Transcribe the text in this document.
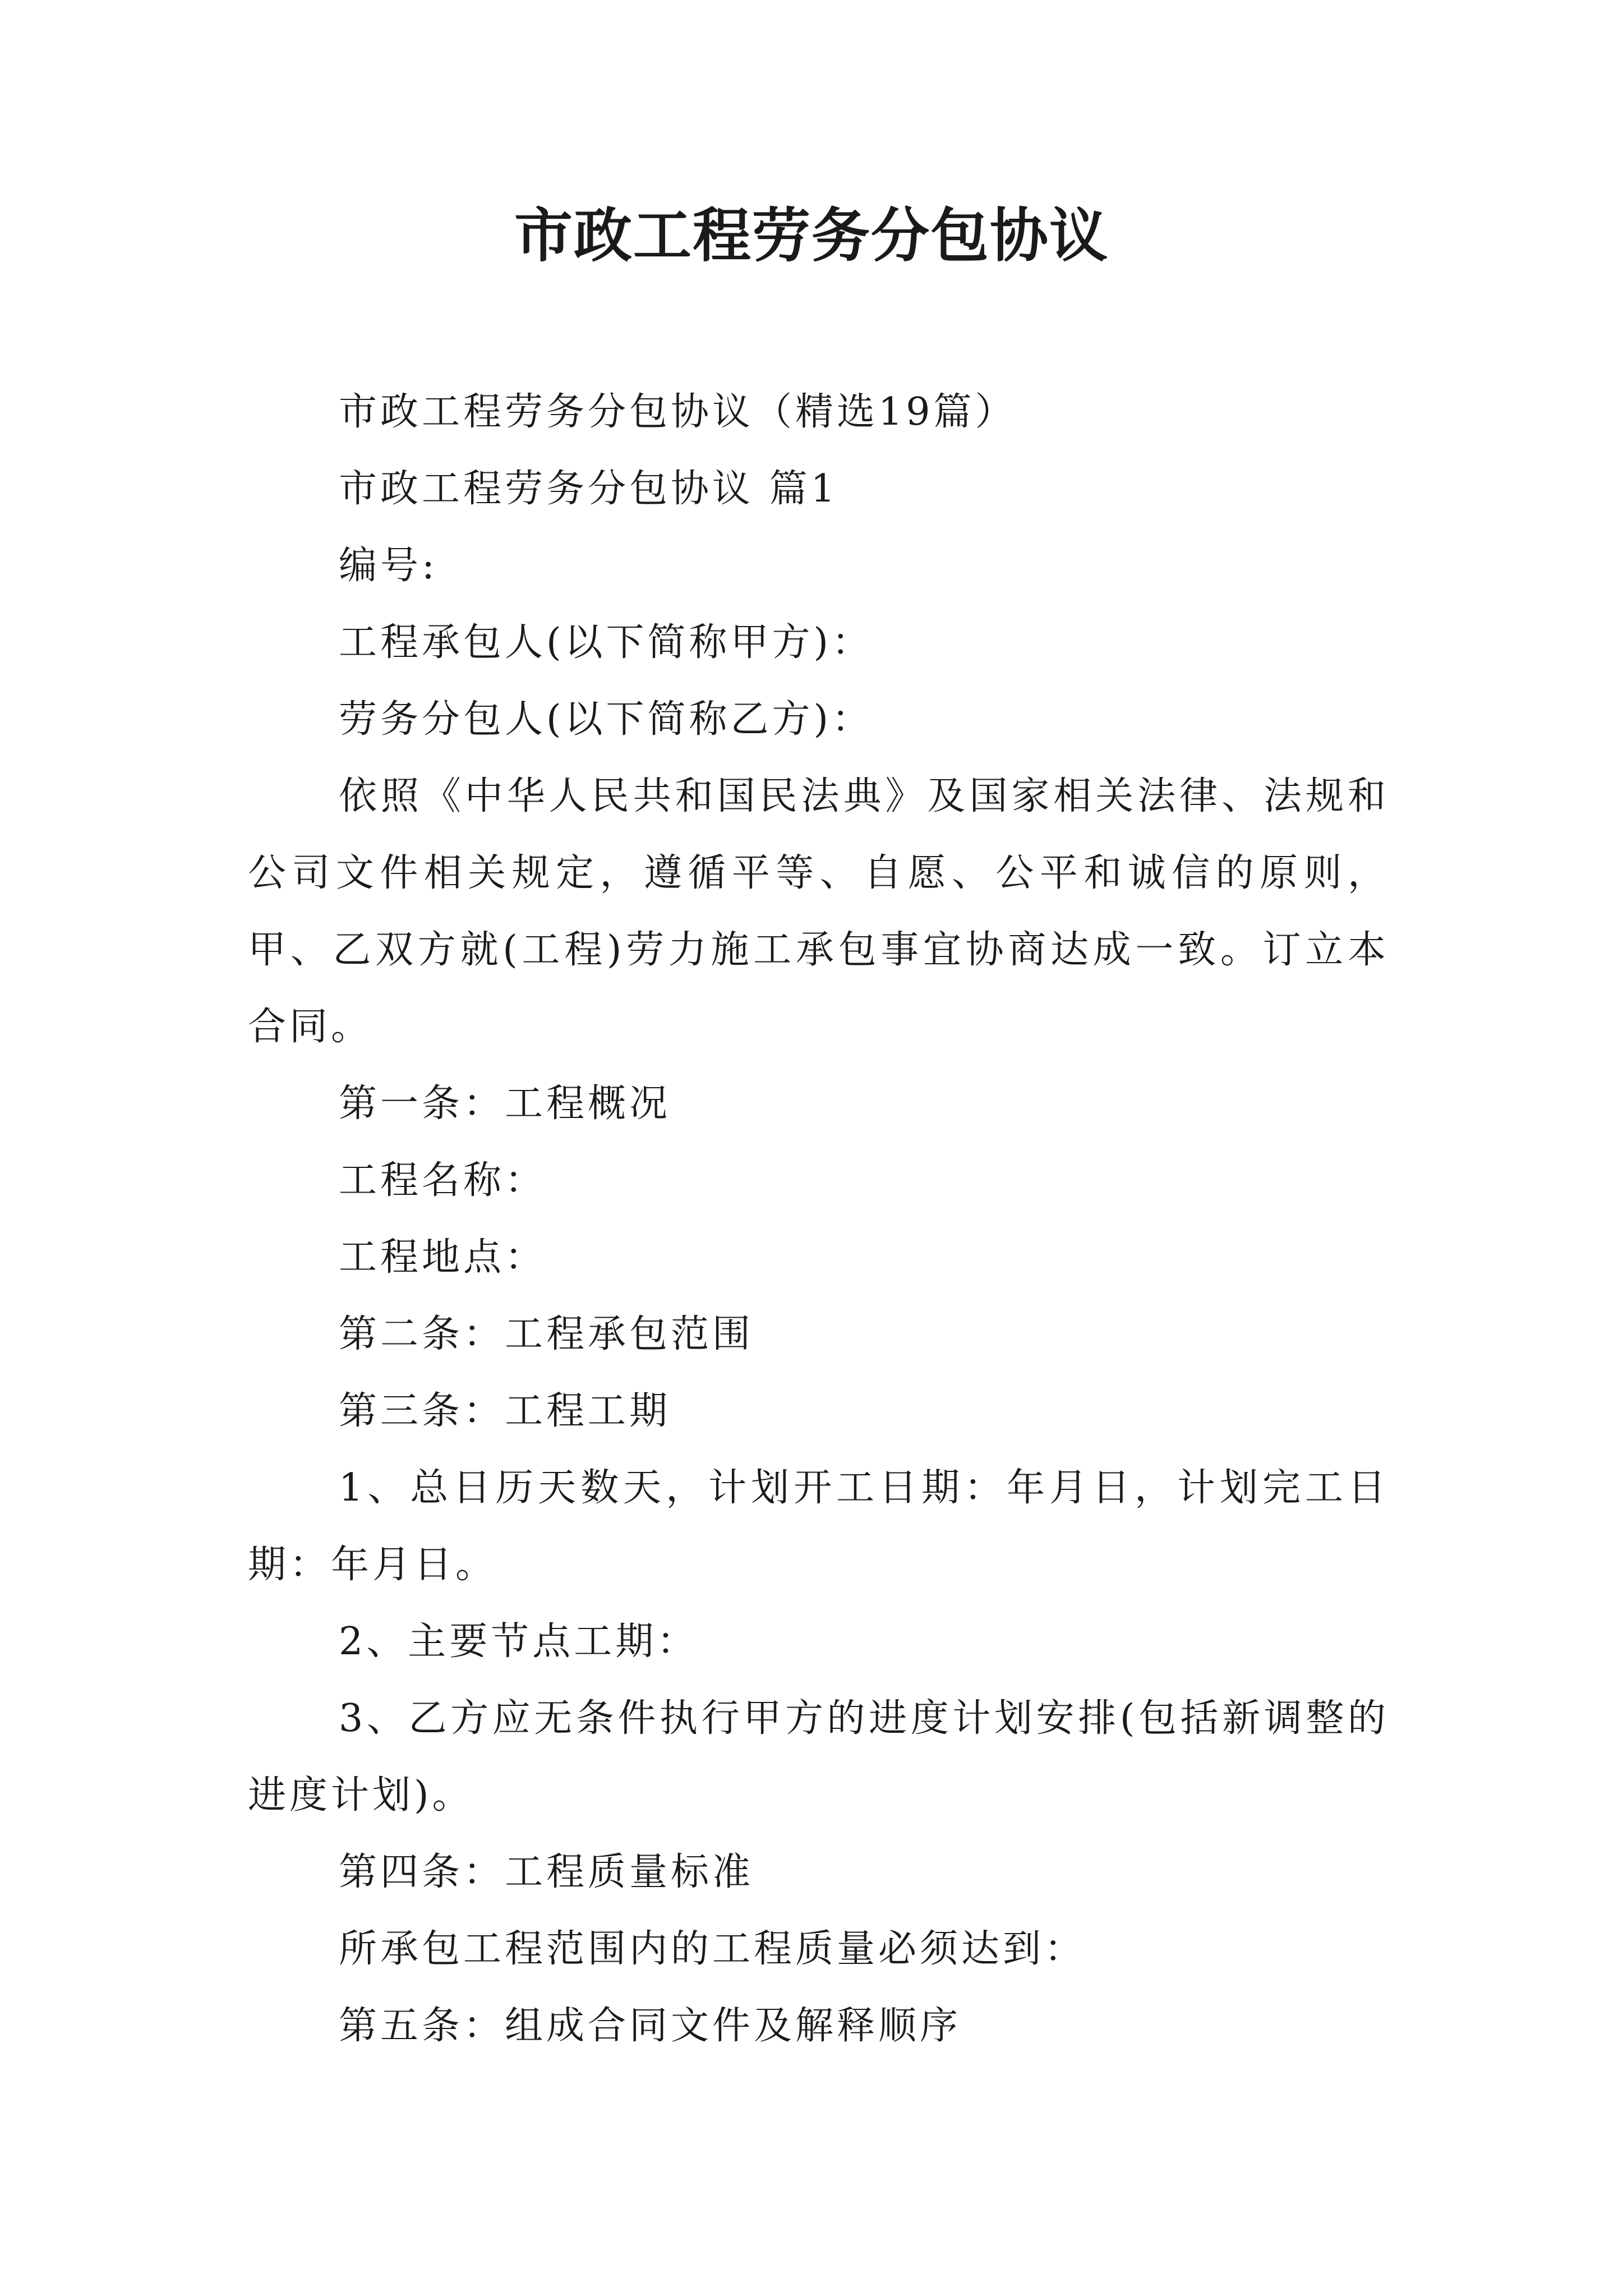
市政工程劳务分包协议

市政工程劳务分包协议（精选19篇）

市政工程劳务分包协议 篇1

编号:

工程承包人(以下简称甲方)：

劳务分包人(以下简称乙方)：

依照《中华人民共和国民法典》及国家相关法律、法规和公司文件相关规定，遵循平等、自愿、公平和诚信的原则，甲、乙双方就(工程)劳力施工承包事宜协商达成一致。订立本合同。

第一条：工程概况

工程名称：

工程地点：

第二条：工程承包范围

第三条：工程工期

1、总日历天数天，计划开工日期：年月日，计划完工日期：年月日。

2、主要节点工期：

3、乙方应无条件执行甲方的进度计划安排(包括新调整的进度计划)。

第四条：工程质量标准

所承包工程范围内的工程质量必须达到：

第五条：组成合同文件及解释顺序
